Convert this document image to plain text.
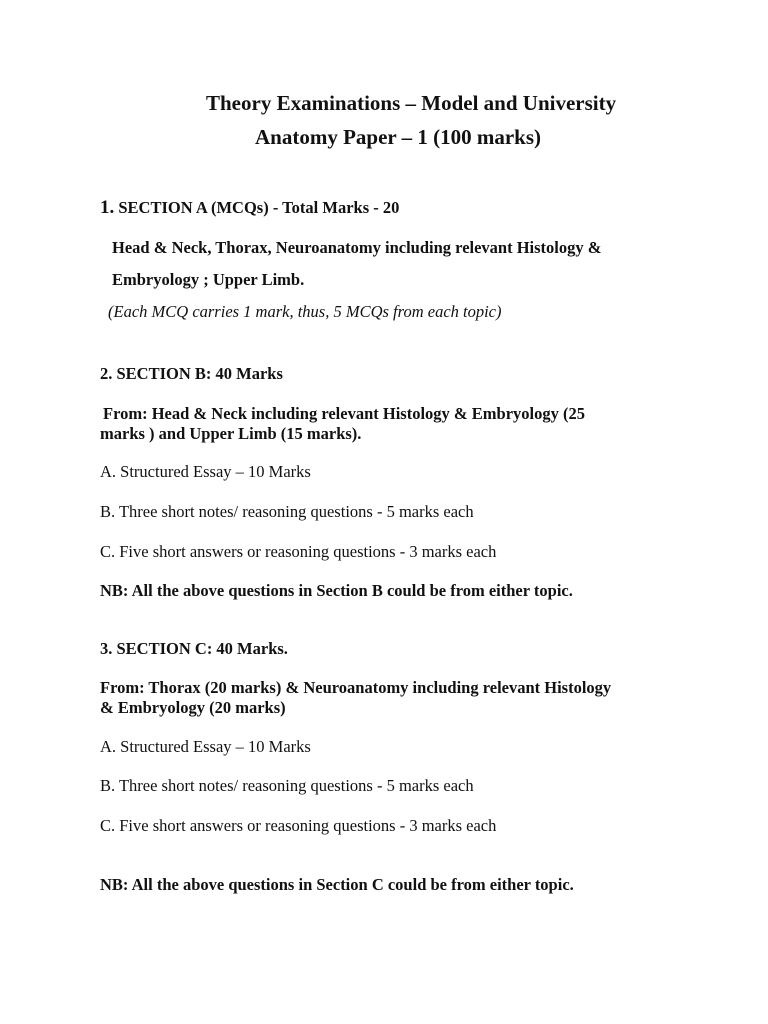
Theory Examinations – Model and University
Anatomy Paper – 1 (100 marks)
1. SECTION A (MCQs) - Total Marks - 20
Head & Neck, Thorax, Neuroanatomy including relevant Histology &
Embryology ; Upper Limb.
(Each MCQ carries 1 mark, thus, 5 MCQs from each topic)
2. SECTION B: 40 Marks
From: Head & Neck including relevant Histology & Embryology (25
marks ) and Upper Limb (15 marks).
A. Structured Essay – 10 Marks
B. Three short notes/ reasoning questions - 5 marks each
C. Five short answers or reasoning questions - 3 marks each
NB: All the above questions in Section B could be from either topic.
3. SECTION C: 40 Marks.
From: Thorax (20 marks) & Neuroanatomy including relevant Histology
& Embryology (20 marks)
A. Structured Essay – 10 Marks
B. Three short notes/ reasoning questions - 5 marks each
C. Five short answers or reasoning questions - 3 marks each
NB: All the above questions in Section C could be from either topic.
